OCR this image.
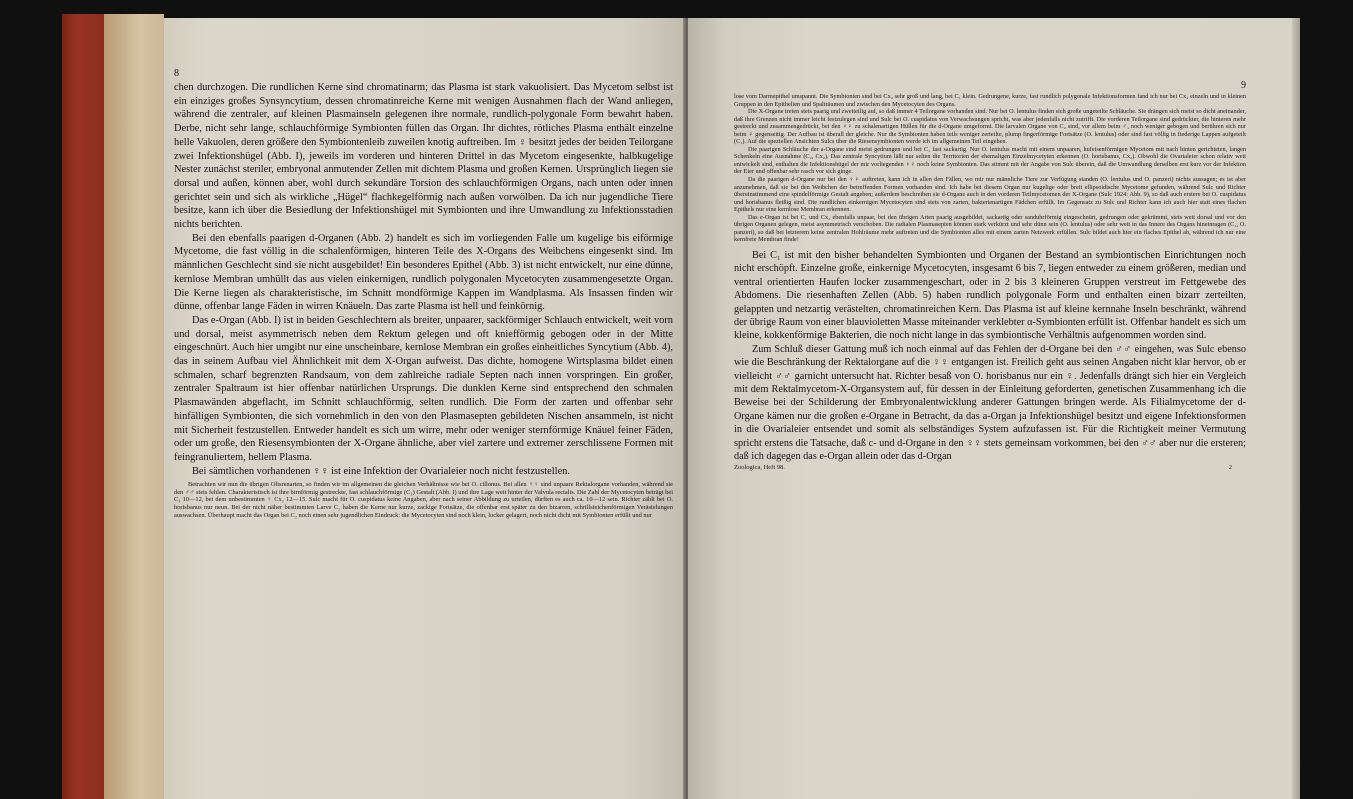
8

chen durchzogen. Die rundlichen Kerne sind chromatinarm; das Plasma ist stark vakuolisiert. Das Mycetom selbst ist ein einziges großes Synsyncytium, dessen chromatinreiche Kerne mit wenigen Ausnahmen flach der Wand anliegen, während die zentraler, auf kleinen Plasmainseln gelegenen ihre normale, rundlich-polygonale Form bewahrt haben. Derbe, nicht sehr lange, schlauchförmige Symbionten füllen das Organ. Ihr dichtes, rötliches Plasma enthält einzelne helle Vakuolen, deren größere den Symbiontenleib zuweilen knotig auftreiben. Im ♀ besitzt jedes der beiden Teilorgane zwei Infektionshügel (Abb. I), jeweils im vorderen und hinteren Drittel in das Mycetom eingesenkte, halbkugelige Nester zunächst steriler, embryonal anmutender Zellen mit dichtem Plasma und großen Kernen. Ursprünglich liegen sie dorsal und außen, können aber, wohl durch sekundäre Torsion des schlauchförmigen Organs, nach unten oder innen gerichtet sein und sich als wirkliche „Hügel“ flachkegelförmig nach außen vorwölben. Da ich nur jugendliche Tiere besitze, kann ich über die Besiedlung der Infektionshügel mit Symbionten und ihre Umwandlung zu Infektionsstadien nichts berichten.

Bei den ebenfalls paarigen d-Organen (Abb. 2) handelt es sich im vorliegenden Falle um kugelige bis eiförmige Mycetome, die fast völlig in die schalenförmigen, hinteren Teile des X-Organs des Weibchens eingesenkt sind. Im männlichen Geschlecht sind sie nicht ausgebildet! Ein besonderes Epithel (Abb. 3) ist nicht entwickelt, nur eine dünne, kernlose Membran umhüllt das aus vielen einkernigen, rundlich polygonalen Mycetocyten zusammengesetzte Organ. Die Kerne liegen als charakteristische, im Schnitt mondförmige Kappen im Wandplasma. Als Insassen finden wir dünne, offenbar lange Fäden in wirren Knäueln. Das zarte Plasma ist hell und feinkörnig.

Das e-Organ (Abb. I) ist in beiden Geschlechtern als breiter, unpaarer, sackförmiger Schlauch entwickelt, weit vorn und dorsal, meist asymmetrisch neben dem Rektum gelegen und oft kniefförmig gebogen oder in der Mitte eingeschnürt. Auch hier umgibt nur eine unscheinbare, kernlose Membran ein großes einheitliches Syncytium (Abb. 4), das in seinem Aufbau viel Ähnlichkeit mit dem X-Organ aufweist. Das dichte, homogene Wirtsplasma bildet einen schmalen, scharf begrenzten Randsaum, von dem zahlreiche radiale Septen nach innen vorspringen. Ein großer, zentraler Spaltraum ist hier offenbar natürlichen Ursprungs. Die dunklen Kerne sind entsprechend den schmalen Plasmawänden abgeflacht, im Schnitt schlauchförmig, selten rundlich. Die Form der zarten und offenbar sehr hinfälligen Symbionten, die sich vornehmlich in den von den Plasmasepten gebildeten Nischen ansammeln, ist nicht mit Sicherheit festzustellen. Entweder handelt es sich um wirre, mehr oder weniger sternförmige Knäuel feiner Fäden, oder um große, den Riesensymbionten der X-Organe ähnliche, aber viel zartere und extremer zerschlissene Formen mit feingranuliertem, hellem Plasma.

Bei sämtlichen vorhandenen ♀♀ ist eine Infektion der Ovarialeier noch nicht festzustellen.

Betrachten wir nun die übrigen Olisrenarten, so finden wir im allgemeinen die gleichen Verhältnisse wie bei O. cillonus. Bei allen ♀♀ sind unpaare Rektalorgane vorhanden, während sie den ♂♂ stets fehlen. Charakteristisch ist ihre birnförmig gestreckte, fast schlauchförmige (C₁) Gestalt (Abb. I) und ihre Lage weit hinter der Valvula rectalis. Die Zahl der Mycetocyten beträgt bei C₁ 10—12, bei dem unbestimmten ♀ Cx₂ 12—15. Sulc macht für O. cuspidatus keine Angaben, aber nach seiner Abbildung zu urteilen, dürften es auch ca. 10—12 sein. Richter zählt bei O. horisbanus nur neun. Bei der nicht näher bestimmten Larve C₂ haben die Kerne nur kurze, zackige Fortsätze, die offenbar erst später zu den bizarren, schrillsteichenförmigen Verästelungen auswachsen. Überhaupt macht das Organ bei C₂ noch einen sehr jugendlichen Eindruck: die Mycetocyten sind noch klein, locker gelagert, noch nicht dicht mit Symbionten erfüllt und nur

9

lose vom Darmepithel umspannt. Die Symbionten sind bei Cx₂ sehr groß und lang, bei C₁ klein. Gedrungene, kurze, fast rundlich polygonale Infektionsformen fand ich nur bei Cx₂ einzeln und in kleinen Gruppen in den Epithelien und Spalträumen und zwischen den Mycetocyten des Organs.

Die X-Organe treten stets paarig und zweiteilig auf, so daß immer 4 Teilorgane vorhanden sind. Nur bei O. lentulus finden sich große ungeteilte Schläuche. Sie drängen sich meist so dicht aneinander, daß ihre Grenzen nicht immer leicht festzulegen sind und Sulc bei O. cuspidatus von Verwachsungen spricht, was aber jedenfalls nicht zutrifft. Die vorderen Teilorgane sind gedrückter, die hinteren mehr gestreckt und zusammengedrückt, bei den ♀♀ zu schalenartigen Hüllen für die d-Organe umgeformt. Die larvalen Organe von C₂ sind, vor allem beim ♂, noch weniger gebogen und berühren sich nur beim ♀ gegenseitig. Der Aufbau ist überall der gleiche. Nur die Symbionten haben teils weniger zerteilte, plump fingerförmige Fortsätze (O. lentulus) oder sind fast völlig in fiederige Lappen aufgeteilt (C₁). Auf die speziellen Ansichten Sulcs über die Riesensymbionten werde ich im allgemeinen Teil eingehen.

Die paarigen Schläuche der a-Organe sind meist gedrungen und bei C₁ fast sackartig. Nur O. lentulus macht mit einem unpaaren, hufeisenförmigen Mycetom mit nach hinten gerichteten, langen Schenkeln eine Ausnahme (C₂, Cx₂). Das zentrale Syncytium läßt nur selten die Territorien der ehemaligen Einzelmycetyten erkennen (O. horisbanus, Cx₂). Obwohl die Ovarialeier schon relativ weit entwickelt sind, enthalten die Infektionshügel der mir vorliegenden ♀♀ noch keine Symbionten. Das stimmt mit der Angabe von Sulc überein, daß die Umwandlung derselben erst kurz vor der Infektion der Eier und offenbar sehr rasch vor sich ginge.

Da die paarigen d-Organe nur bei den ♀♀ auftreten, kann ich in allen den Fällen, wo mir nur männliche Tiere zur Verfügung standen (O. lentulus und O. panzeri) nichts aussagen; es ist aber anzunehmen, daß sie bei den Weibchen der betreffenden Formen vorhanden sind. Ich habe bei diesem Organ nur kugelige oder breit ellipsoidische Mycetome gefunden, während Sulc und Richter übereinstimmend eine spindelförmige Gestalt angeben; außerdem beschreiben sie d-Organe auch in den vorderen Teilmycetomen der X-Organe (Sulc 1924: Abb. 9), so daß auch erstere bei O. cuspidatus und horisbanus fleißig sind. Die rundlichen einkernigen Mycetocyten sind stets von zarten, bakterienartigen Fädchen erfüllt. Im Gegensatz zu Sulc und Richter kann ich auch hier statt eines flachen Epithels nur eine kernlose Membran erkennen.

Das e-Organ ist bei C₁ und Cx₂ ebenfalls unpaar, bei den übrigen Arten paarig ausgebildet, sackartig oder sanduhrförmig eingeschnürt, gedrungen oder gekrümmt, stets weit dorsal und vor den übrigen Organen gelegen, meist asymmetrisch verschoben. Die radialen Plasmasepten können stark verkürzt und sehr dünn sein (O. lentulus) oder sehr weit in das Innere des Organs hineinragen (C₁, O. panzeri), so daß bei letzterem keine zentralen Hohlräume mehr auftreten und die Symbionten alles mit einem zarten Netzwerk erfüllen. Sulc bildet auch hier ein flaches Epithel ab, während ich nur eine kernfreie Membran finde!

Bei C₁ ist mit den bisher behandelten Symbionten und Organen der Bestand an symbiontischen Einrichtungen noch nicht erschöpft. Einzelne große, einkernige Mycetocyten, insgesamt 6 bis 7, liegen entweder zu einem größeren, median und ventral orientierten Haufen locker zusammengeschart, oder in 2 bis 3 kleineren Gruppen verstreut im Fettgewebe des Abdomens. Die riesenhaften Zellen (Abb. 5) haben rundlich polygonale Form und enthalten einen bizarr zerteilten, gelappten und netzartig verästelten, chromatinreichen Kern. Das Plasma ist auf kleine kernnahe Inseln beschränkt, während der übrige Raum von einer blauvioletten Masse miteinander verklebter α-Symbionten erfüllt ist. Offenbar handelt es sich um kleine, kokkenförmige Bakterien, die noch nicht lange in das symbiontische Verhältnis aufgenommen worden sind.

Zum Schluß dieser Gattung muß ich noch einmal auf das Fehlen der d-Organe bei den ♂♂ eingehen, was Sulc ebenso wie die Beschränkung der Rektalorgane auf die ♀♀ entgangen ist. Freilich geht aus seinen Angaben nicht klar hervor, ob er vielleicht ♂♂ garnicht untersucht hat. Richter besaß von O. horisbanus nur ein ♀. Jedenfalls drängt sich hier ein Vergleich mit dem Rektalmycetom-X-Organsystem auf, für dessen in der Einleitung geforderten, genetischen Zusammenhang ich die Beweise bei der Schilderung der Embryonalentwicklung anderer Gattungen bringen werde. Als Filialmycetome der d-Organe kämen nur die großen e-Organe in Betracht, da das a-Organ ja Infektionshügel besitzt und eigene Infektionsformen in die Ovarialeier entsendet und somit als selbständiges System aufzufassen ist. Für die Richtigkeit meiner Vermutung spricht erstens die Tatsache, daß c- und d-Organe in den ♀♀ stets gemeinsam vorkommen, bei den ♂♂ aber nur die ersteren; daß ich dagegen das e-Organ allein oder das d-Organ

Zoologica, Heft 98.	2
